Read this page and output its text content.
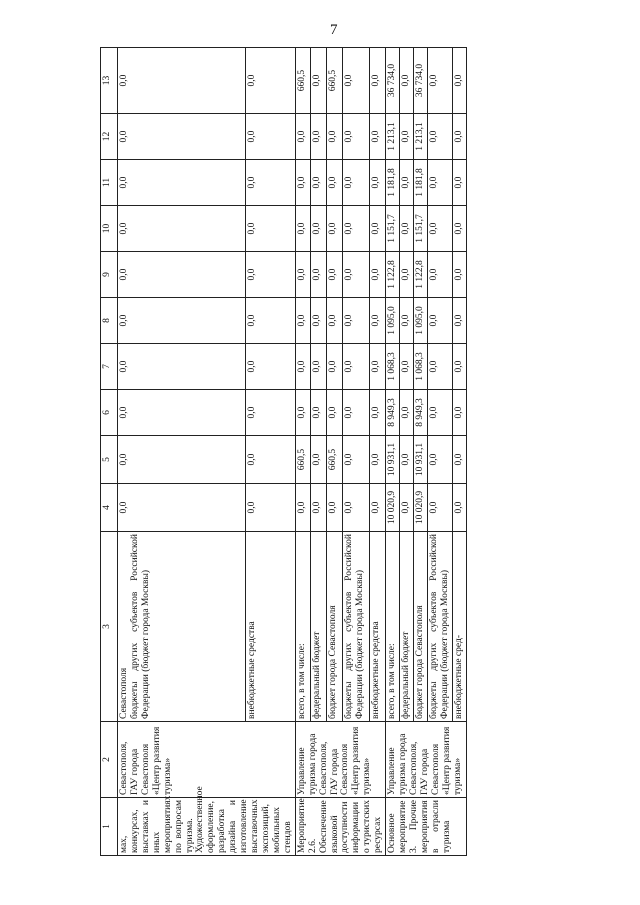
7
1	2	3	4	5	6	7	8	9	10	11	12	13
мах, конкурсах, выставках и иных мероприятиях по вопросам туризма. Художественное оформление, разработка дизайна и изготовление выставочных экспозиций, мобильных стендов	Севастополя, ГАУ города Севастополя «Центр развития туризма»	Севастополя бюджеты других субъектов Российской Федерации (бюджет города Москвы)	0,0	0,0	0,0	0,0	0,0	0,0	0,0	0,0	0,0	0,0
		внебюджетные средства	0,0	0,0	0,0	0,0	0,0	0,0	0,0	0,0	0,0	0,0
Мероприятие 2.6. Обеспечение языковой доступности информации о туристских ресурсах	Управление туризма города Севастополя, ГАУ города Севастополя «Центр развития туризма»	всего, в том числе:	0,0	660,5	0,0	0,0	0,0	0,0	0,0	0,0	0,0	660,5
		федеральный бюджет	0,0	0,0	0,0	0,0	0,0	0,0	0,0	0,0	0,0	0,0
		бюджет города Севастополя	0,0	660,5	0,0	0,0	0,0	0,0	0,0	0,0	0,0	660,5
		бюджеты других субъектов Российской Федерации (бюджет города Москвы)	0,0	0,0	0,0	0,0	0,0	0,0	0,0	0,0	0,0	0,0
		внебюджетные средства	0,0	0,0	0,0	0,0	0,0	0,0	0,0	0,0	0,0	0,0
Основное мероприятие 3. Прочие мероприятия в отрасли туризма	Управление туризма города Севастополя, ГАУ города Севастополя «Центр развития туризма»	всего, в том числе:	10 020,9	10 931,1	8 949,3	1 068,3	1 095,0	1 122,8	1 151,7	1 181,8	1 213,1	36 734,0
		федеральный бюджет	0,0	0,0	0,0	0,0	0,0	0,0	0,0	0,0	0,0	0,0
		бюджет города Севастополя	10 020,9	10 931,1	8 949,3	1 068,3	1 095,0	1 122,8	1 151,7	1 181,8	1 213,1	36 734,0
		бюджеты других субъектов Российской Федерации (бюджет города Москвы)	0,0	0,0	0,0	0,0	0,0	0,0	0,0	0,0	0,0	0,0
		внебюджетные сред-	0,0	0,0	0,0	0,0	0,0	0,0	0,0	0,0	0,0	0,0
